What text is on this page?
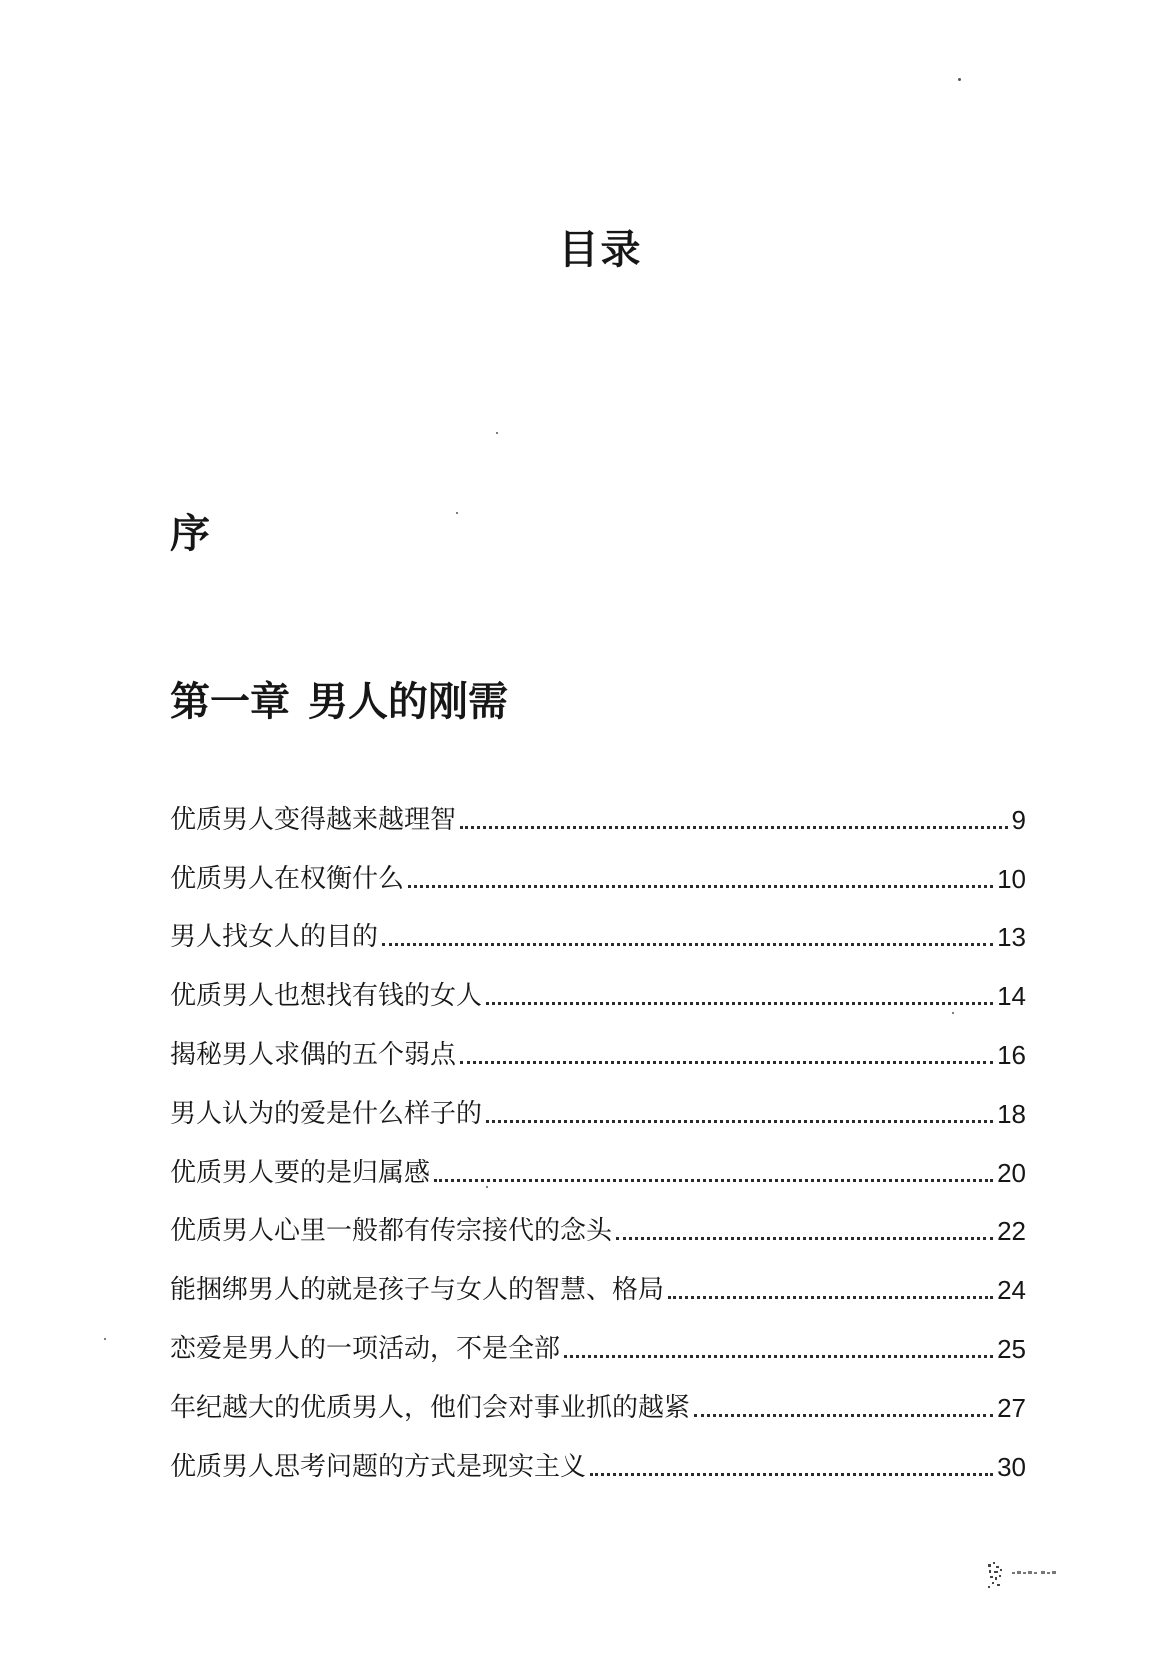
目录
序
第一章 男人的刚需
优质男人变得越来越理智	9
优质男人在权衡什么	10
男人找女人的目的	13
优质男人也想找有钱的女人	14
揭秘男人求偶的五个弱点	16
男人认为的爱是什么样子的	18
优质男人要的是归属感	20
优质男人心里一般都有传宗接代的念头	22
能捆绑男人的就是孩子与女人的智慧、格局	24
恋爱是男人的一项活动，不是全部	25
年纪越大的优质男人，他们会对事业抓的越紧	27
优质男人思考问题的方式是现实主义	30
